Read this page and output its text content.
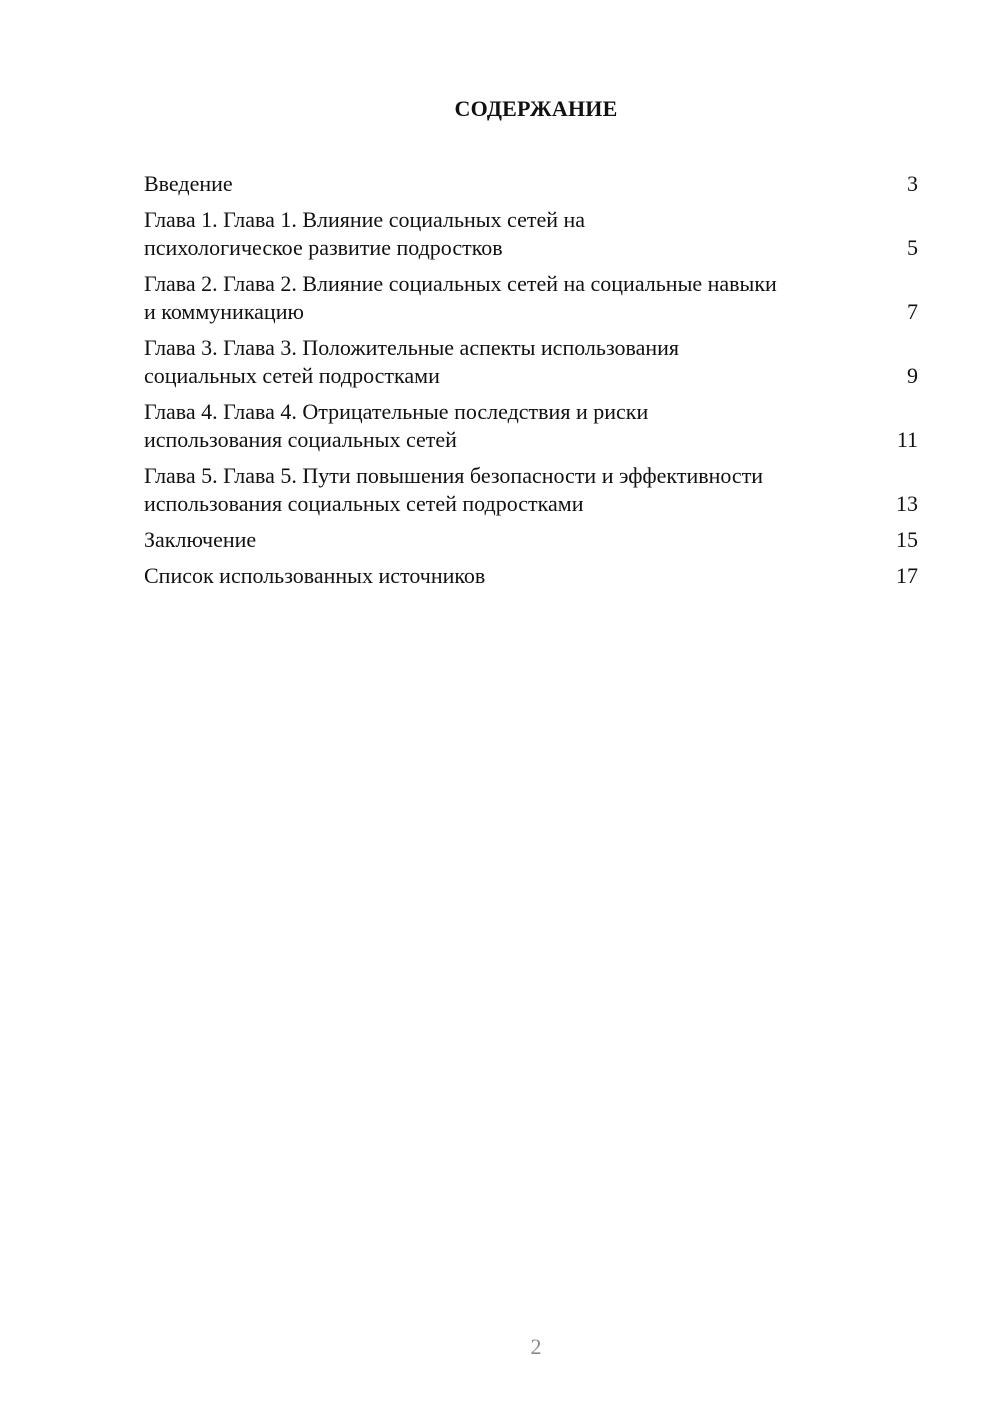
СОДЕРЖАНИЕ
Введение	3
Глава 1. Глава 1. Влияние социальных сетей на психологическое развитие подростков	5
Глава 2. Глава 2. Влияние социальных сетей на социальные навыки и коммуникацию	7
Глава 3. Глава 3. Положительные аспекты использования социальных сетей подростками	9
Глава 4. Глава 4. Отрицательные последствия и риски использования социальных сетей	11
Глава 5. Глава 5. Пути повышения безопасности и эффективности использования социальных сетей подростками	13
Заключение	15
Список использованных источников	17
2
